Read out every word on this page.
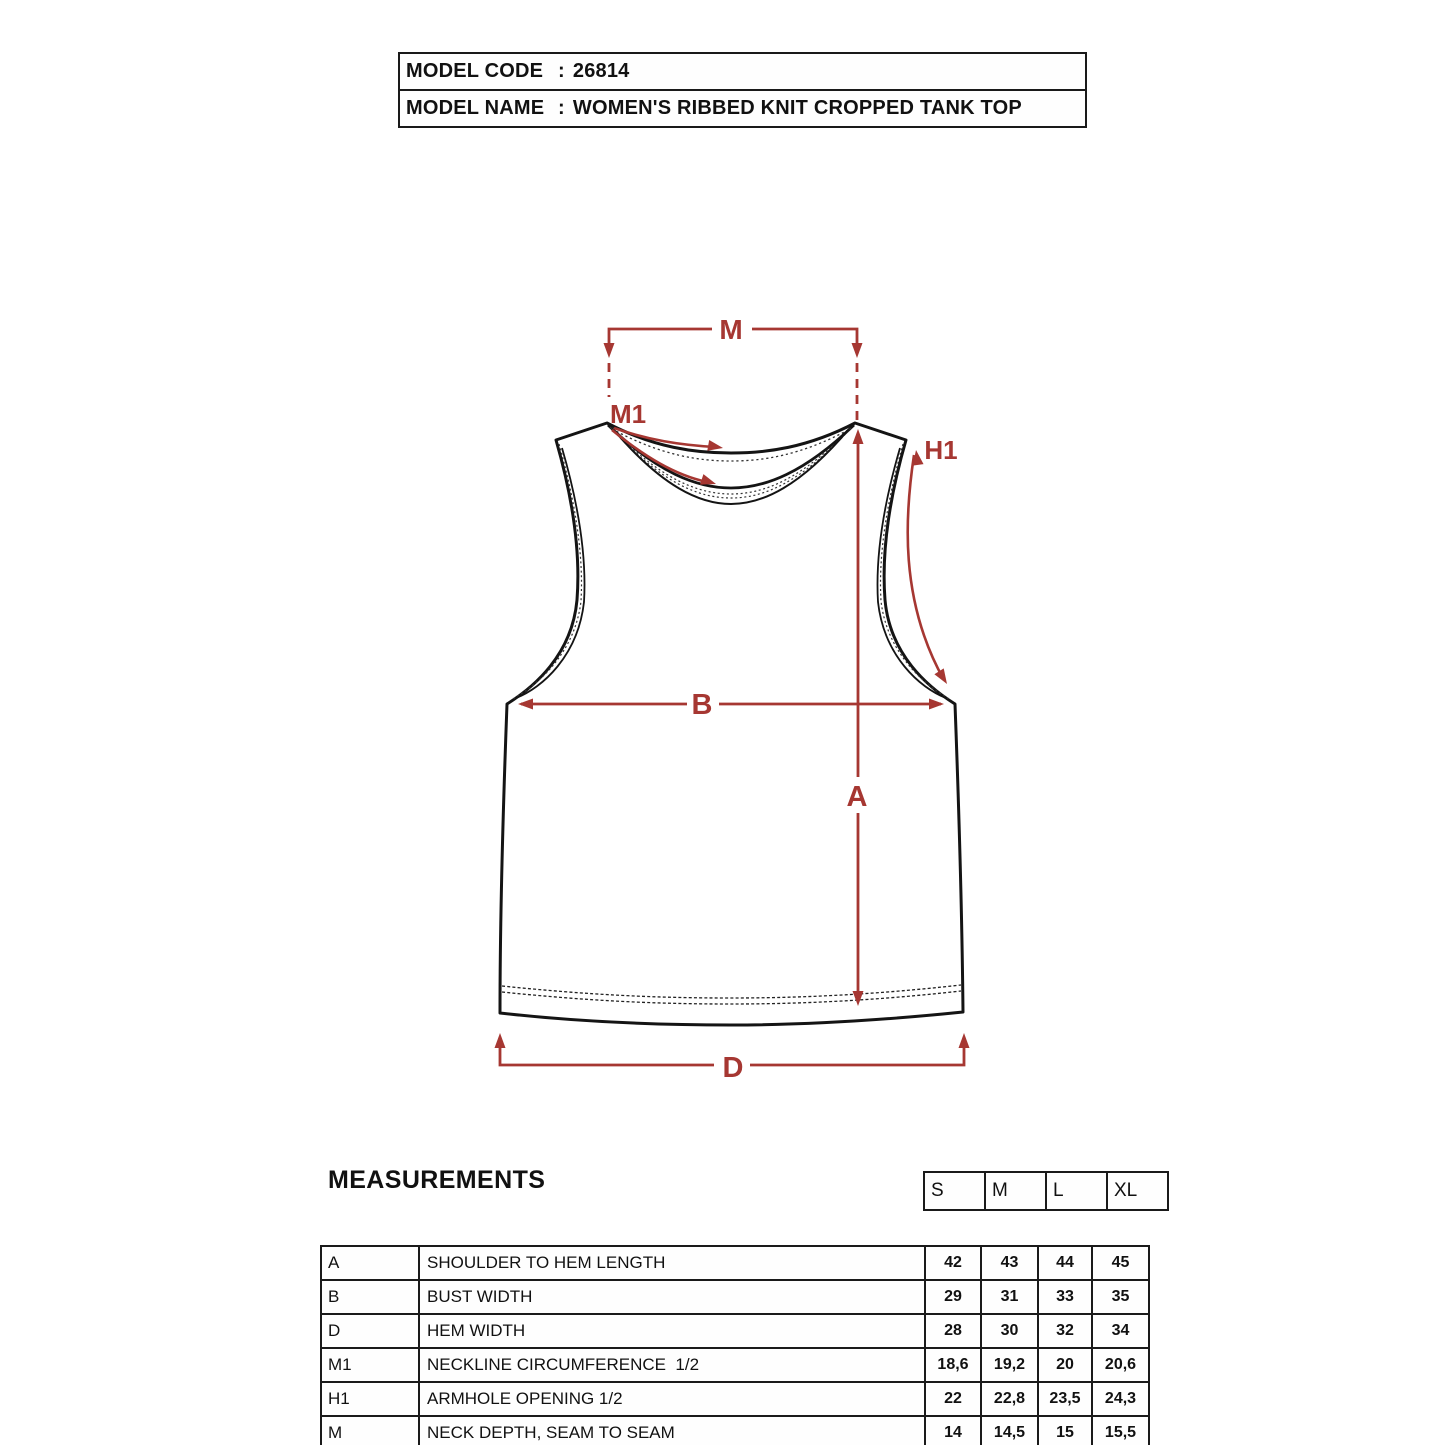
MODEL CODE : 26814
MODEL NAME : WOMEN'S RIBBED KNIT CROPPED TANK TOP
M
M1
H1
A
B
D
MEASUREMENTS	S	M	L	XL
A	SHOULDER TO HEM LENGTH	42	43	44	45
B	BUST WIDTH	29	31	33	35
D	HEM WIDTH	28	30	32	34
M1	NECKLINE CIRCUMFERENCE  1/2	18,6	19,2	20	20,6
H1	ARMHOLE OPENING 1/2	22	22,8	23,5	24,3
M	NECK DEPTH, SEAM TO SEAM	14	14,5	15	15,5
